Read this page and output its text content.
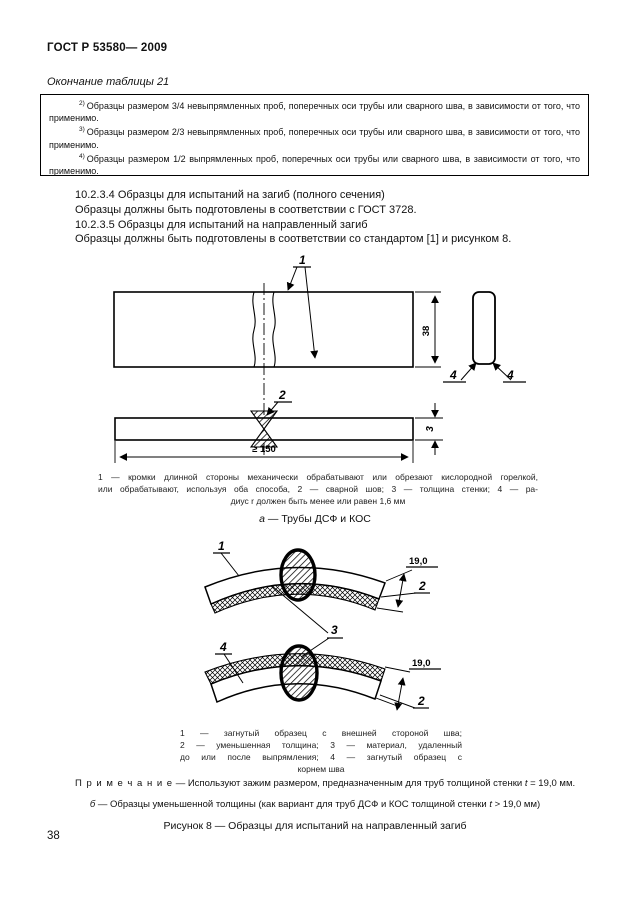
ГОСТ Р 53580— 2009
Окончание таблицы 21

$^{2)}$ Образцы размером 3/4 невыпрямленных проб, поперечных оси трубы или сварного шва, в зависимости от того, что применимо.

$^{3)}$ Образцы размером 2/3 невыпрямленных проб, поперечных оси трубы или сварного шва, в зависимости от того, что применимо.

$^{4)}$ Образцы размером 1/2 выпрямленных проб, поперечных оси трубы или сварного шва, в зависимости от того, что применимо.

10.2.3.4 Образцы для испытаний на загиб (полного сечения)

Образцы должны быть подготовлены в соответствии с ГОСТ 3728.

10.2.3.5 Образцы для испытаний на направленный загиб

Образцы должны быть подготовлены в соответствии со стандартом [1] и рисунком 8.

1
38
4	4
2
≥ 150
3
1
19,0
2
3
4
19,0
2
1 — кромки длинной стороны механически обрабатывают или обрезают кислородной горелкой,
или обрабатывают, используя оба способа, 2 — сварной шов; 3 — толщина стенки; 4 — ра-
диус r должен быть менее или равен 1,6 мм
а — Трубы ДСФ и КОС
1 — загнутый образец с внешней стороной шва;
2 — уменьшенная толщина; 3 — материал, удаленный
до или после выпрямления; 4 — загнутый образец с
корнем шва
П р и м е ч а н и е — Используют зажим размером, предназначенным для труб толщиной стенки t = 19,0 мм.
б — Образцы уменьшенной толщины (как вариант для труб ДСФ и КОС толщиной стенки t > 19,0 мм)
Рисунок 8 — Образцы для испытаний на направленный загиб
38
